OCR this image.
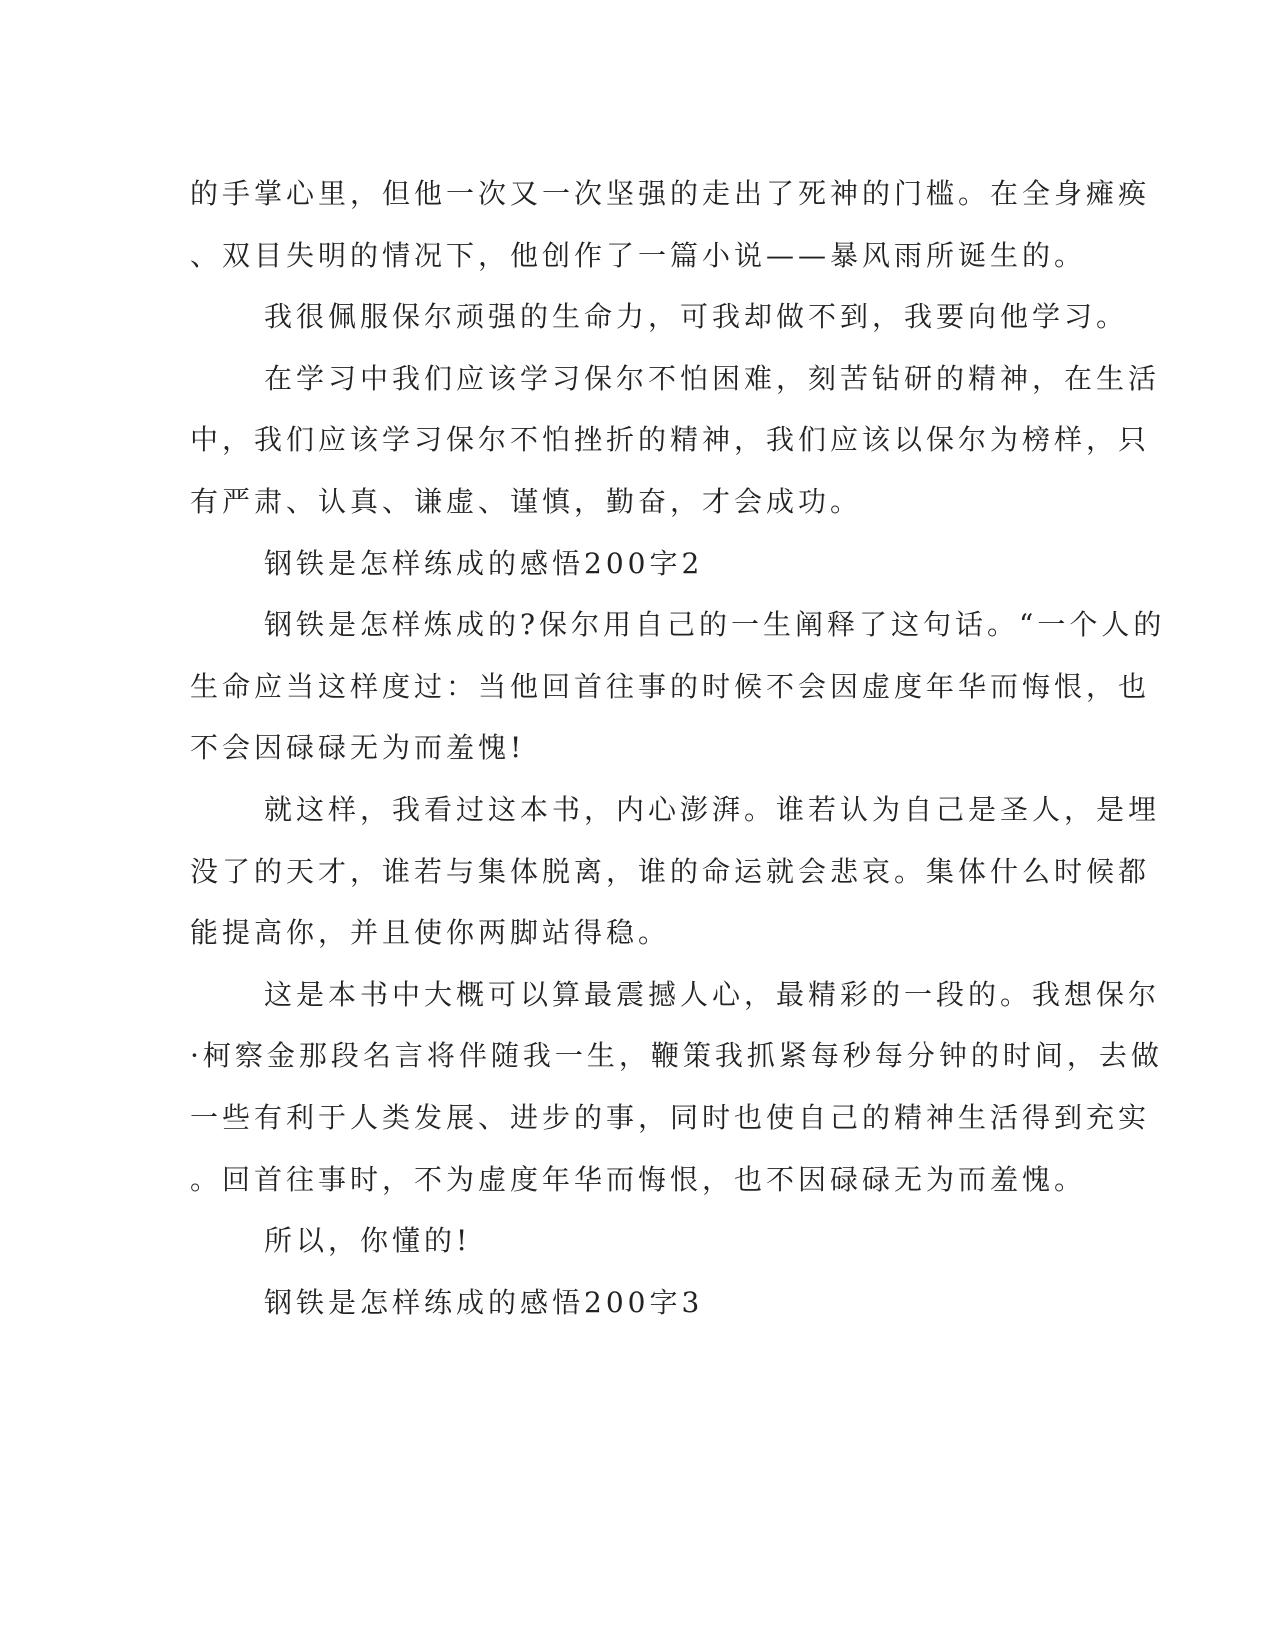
的手掌心里，但他一次又一次坚强的走出了死神的门槛。在全身瘫痪
、双目失明的情况下，他创作了一篇小说——暴风雨所诞生的。
我很佩服保尔顽强的生命力，可我却做不到，我要向他学习。
在学习中我们应该学习保尔不怕困难，刻苦钻研的精神，在生活
中，我们应该学习保尔不怕挫折的精神，我们应该以保尔为榜样，只
有严肃、认真、谦虚、谨慎，勤奋，才会成功。
钢铁是怎样练成的感悟200字2
钢铁是怎样炼成的?保尔用自己的一生阐释了这句话。“一个人的
生命应当这样度过：当他回首往事的时候不会因虚度年华而悔恨，也
不会因碌碌无为而羞愧!
就这样，我看过这本书，内心澎湃。谁若认为自己是圣人，是埋
没了的天才，谁若与集体脱离，谁的命运就会悲哀。集体什么时候都
能提高你，并且使你两脚站得稳。
这是本书中大概可以算最震撼人心，最精彩的一段的。我想保尔
·柯察金那段名言将伴随我一生，鞭策我抓紧每秒每分钟的时间，去做
一些有利于人类发展、进步的事，同时也使自己的精神生活得到充实
。回首往事时，不为虚度年华而悔恨，也不因碌碌无为而羞愧。
所以，你懂的!
钢铁是怎样练成的感悟200字3
